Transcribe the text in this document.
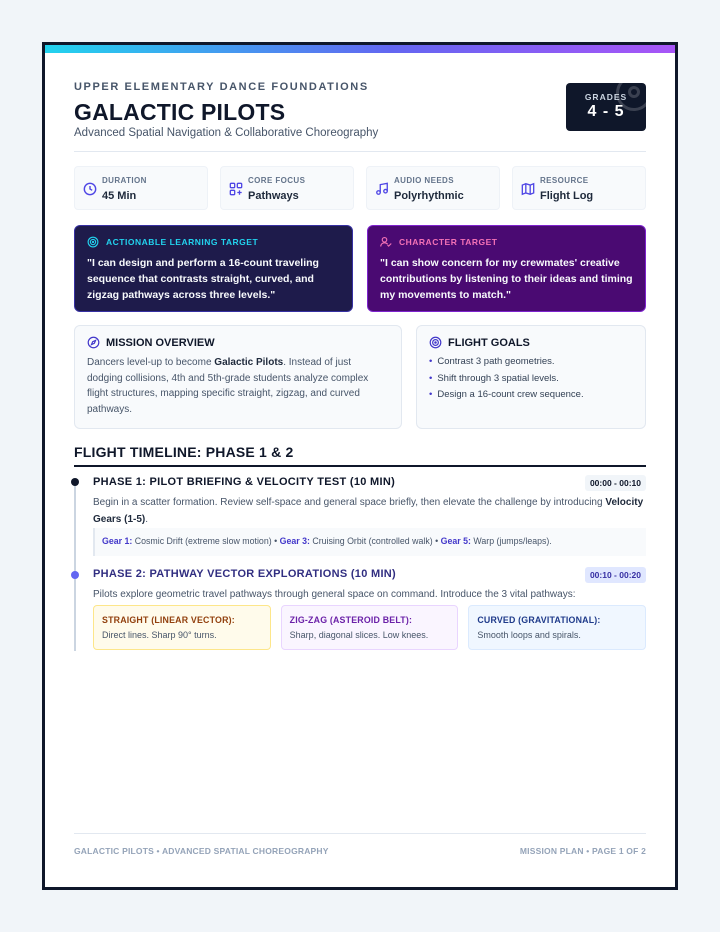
UPPER ELEMENTARY DANCE FOUNDATIONS
GALACTIC PILOTS
Advanced Spatial Navigation & Collaborative Choreography
GRADES
4 - 5
DURATION
45 Min
CORE FOCUS
Pathways
AUDIO NEEDS
Polyrhythmic
RESOURCE
Flight Log
ACTIONABLE LEARNING TARGET
"I can design and perform a 16-count traveling sequence that contrasts straight, curved, and zigzag pathways across three levels."
CHARACTER TARGET
"I can show concern for my crewmates' creative contributions by listening to their ideas and timing my movements to match."
MISSION OVERVIEW
Dancers level-up to become Galactic Pilots. Instead of just dodging collisions, 4th and 5th-grade students analyze complex flight structures, mapping specific straight, zigzag, and curved pathways.
FLIGHT GOALS
• Contrast 3 path geometries.
• Shift through 3 spatial levels.
• Design a 16-count crew sequence.
FLIGHT TIMELINE: PHASE 1 & 2
PHASE 1: PILOT BRIEFING & VELOCITY TEST (10 MIN)	00:00 - 00:10
Begin in a scatter formation. Review self-space and general space briefly, then elevate the challenge by introducing Velocity Gears (1-5).
Gear 1: Cosmic Drift (extreme slow motion) • Gear 3: Cruising Orbit (controlled walk) • Gear 5: Warp (jumps/leaps).
PHASE 2: PATHWAY VECTOR EXPLORATIONS (10 MIN)	00:10 - 00:20
Pilots explore geometric travel pathways through general space on command. Introduce the 3 vital pathways:
STRAIGHT (LINEAR VECTOR):
Direct lines. Sharp 90° turns.
ZIG-ZAG (ASTEROID BELT):
Sharp, diagonal slices. Low knees.
CURVED (GRAVITATIONAL):
Smooth loops and spirals.
GALACTIC PILOTS • ADVANCED SPATIAL CHOREOGRAPHY	MISSION PLAN • PAGE 1 OF 2
